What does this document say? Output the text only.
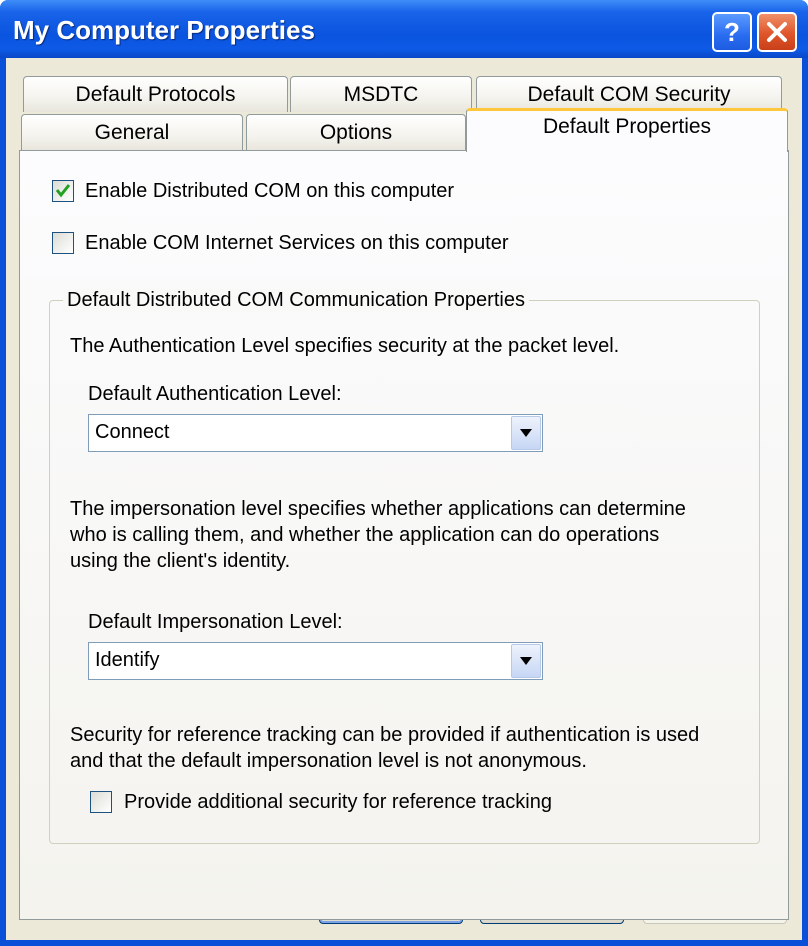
My Computer Properties	?
Default Protocols	MSDTC	Default COM Security
General	Options	Default Properties
Enable Distributed COM on this computer
Enable COM Internet Services on this computer
Default Distributed COM Communication Properties
The Authentication Level specifies security at the packet level.
Default Authentication Level:
Connect
The impersonation level specifies whether applications can determine
who is calling them, and whether the application can do operations
using the client's identity.
Default Impersonation Level:
Identify
Security for reference tracking can be provided if authentication is used
and that the default impersonation level is not anonymous.
Provide additional security for reference tracking
